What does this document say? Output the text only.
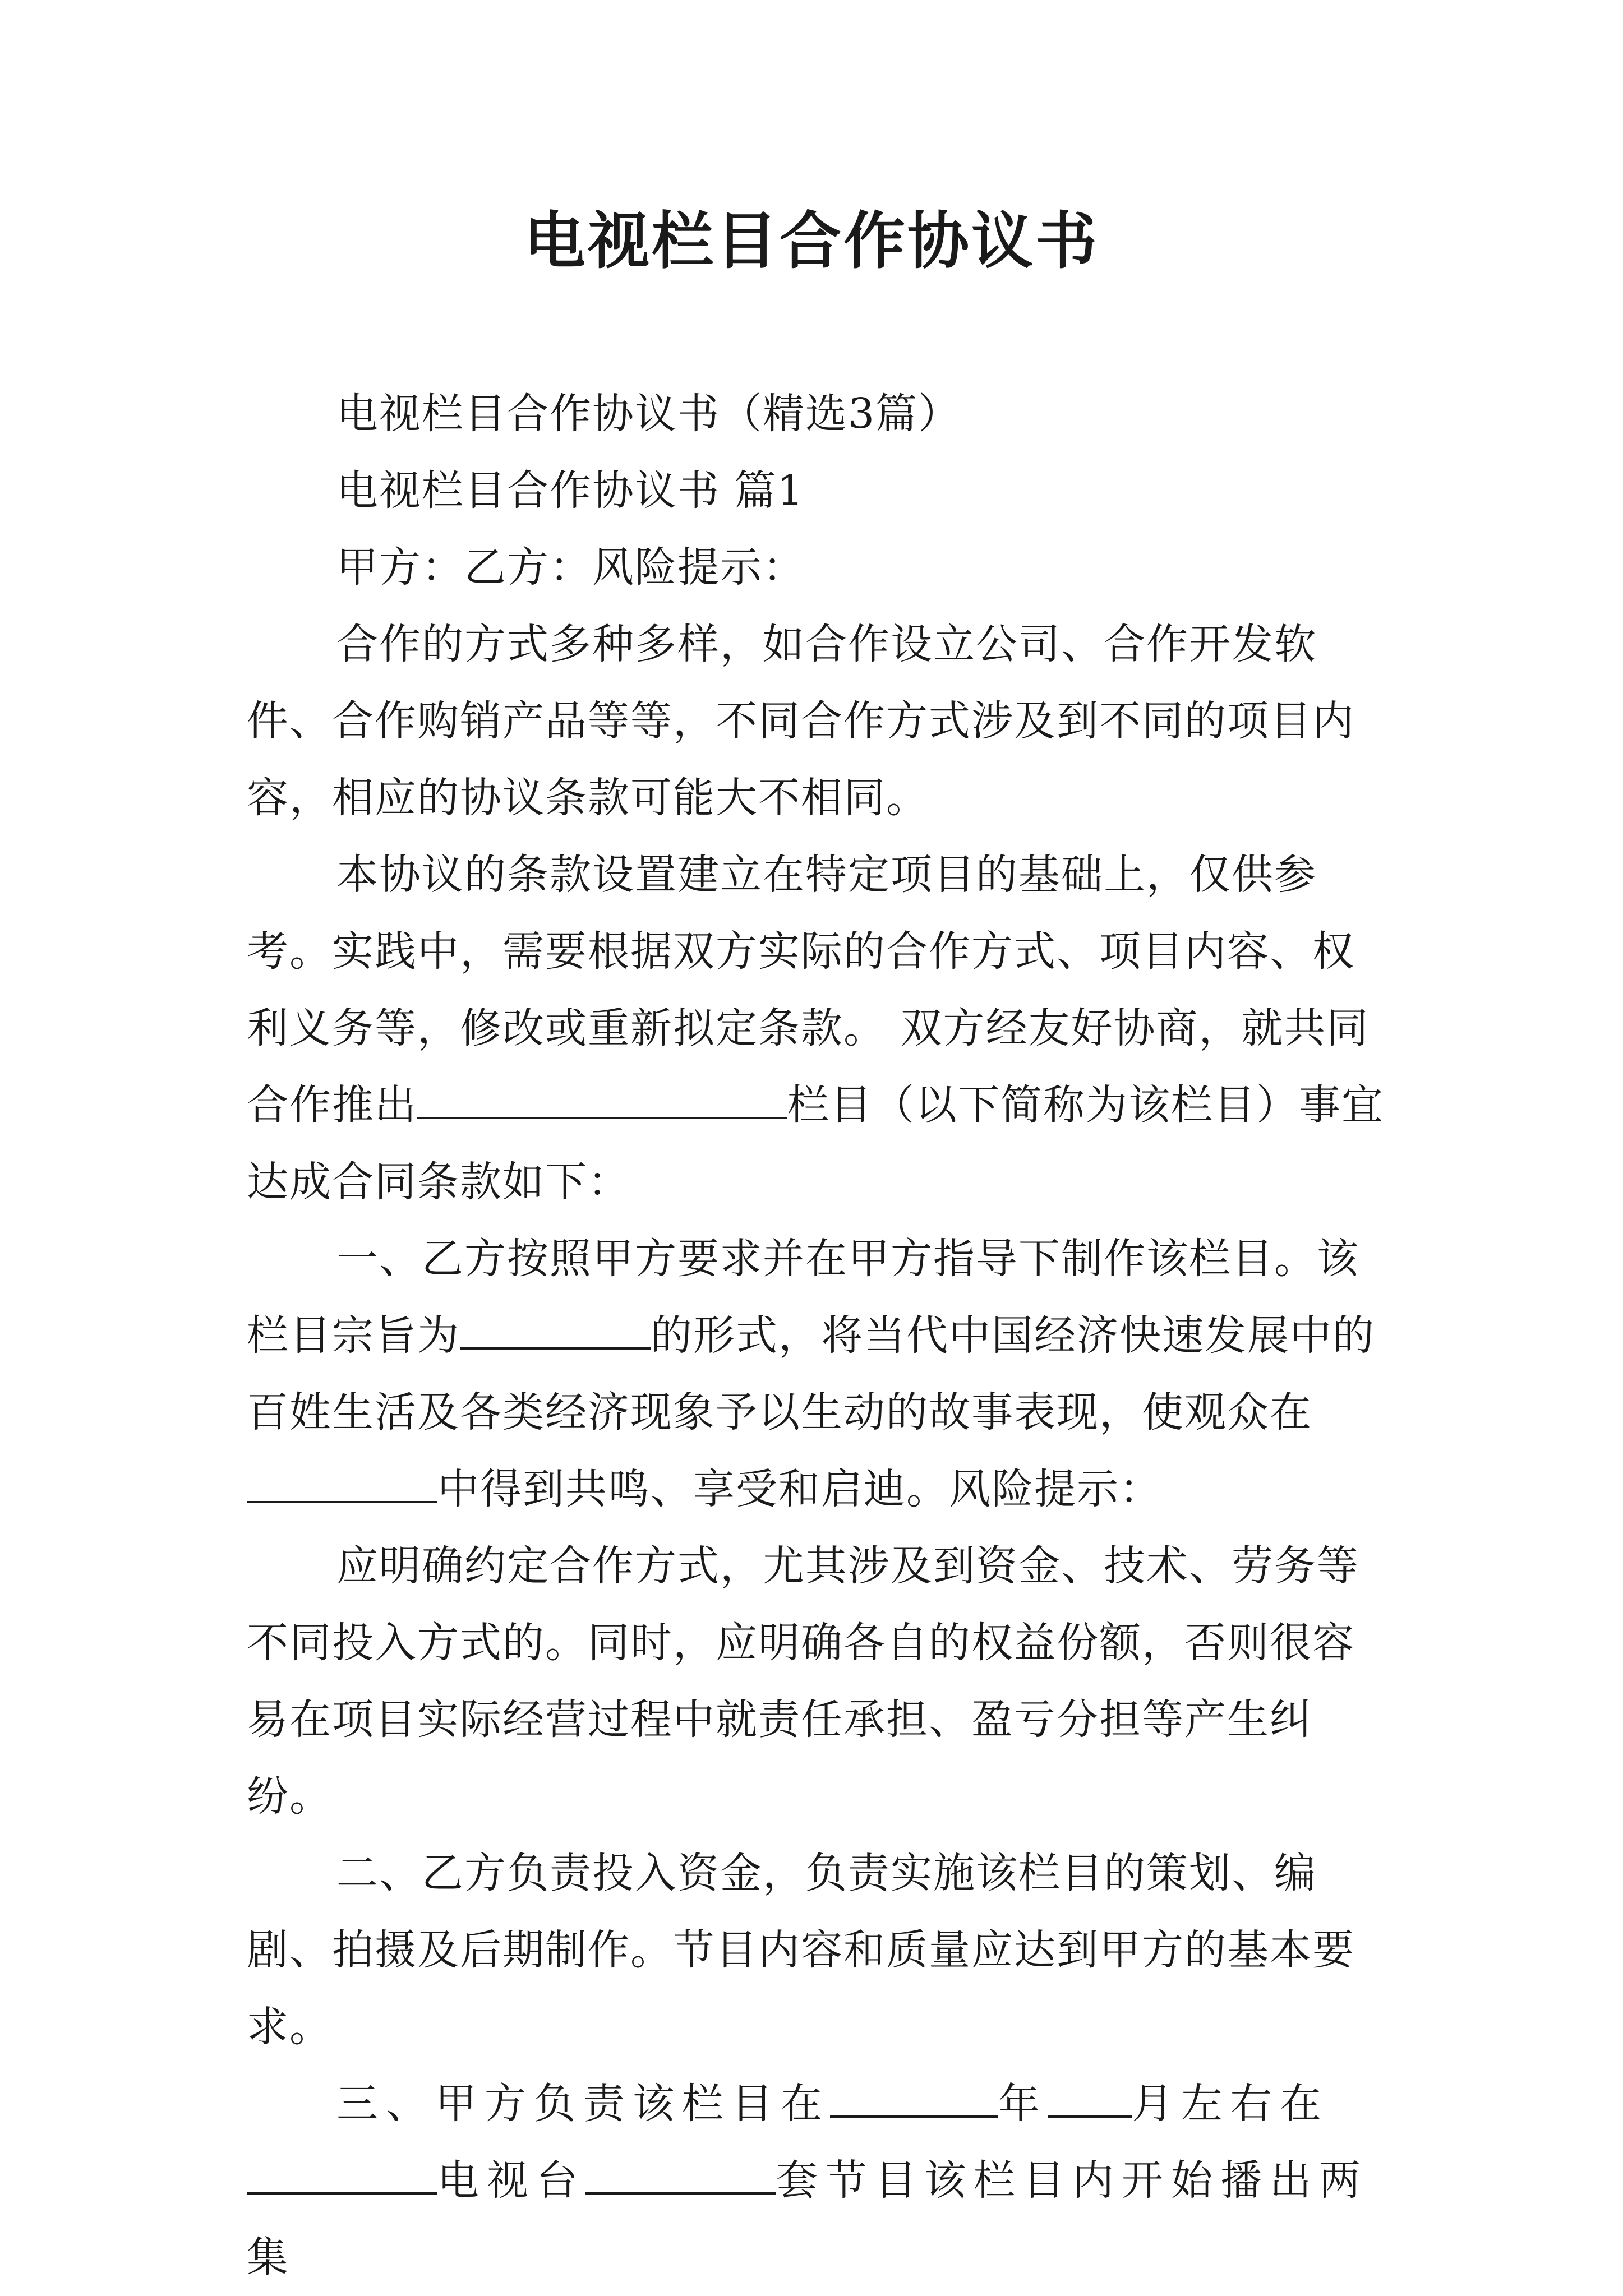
电视栏目合作协议书

电视栏目合作协议书（精选3篇）

电视栏目合作协议书 篇1

甲方：乙方：风险提示：

合作的方式多种多样，如合作设立公司、合作开发软件、合作购销产品等等，不同合作方式涉及到不同的项目内容，相应的协议条款可能大不相同。

本协议的条款设置建立在特定项目的基础上，仅供参考。实践中，需要根据双方实际的合作方式、项目内容、权利义务等，修改或重新拟定条款。 双方经友好协商，就共同合作推出	栏目（以下简称为该栏目）事宜达成合同条款如下：

一、乙方按照甲方要求并在甲方指导下制作该栏目。该栏目宗旨为	的形式，将当代中国经济快速发展中的百姓生活及各类经济现象予以生动的故事表现，使观众在中得到共鸣、享受和启迪。风险提示：

应明确约定合作方式，尤其涉及到资金、技术、劳务等不同投入方式的。同时，应明确各自的权益份额，否则很容易在项目实际经营过程中就责任承担、盈亏分担等产生纠纷。

二、乙方负责投入资金，负责实施该栏目的策划、编剧、拍摄及后期制作。节目内容和质量应达到甲方的基本要求。

三、甲方负责该栏目在	年 月左右在电视台	套节目该栏目内开始播出两集
